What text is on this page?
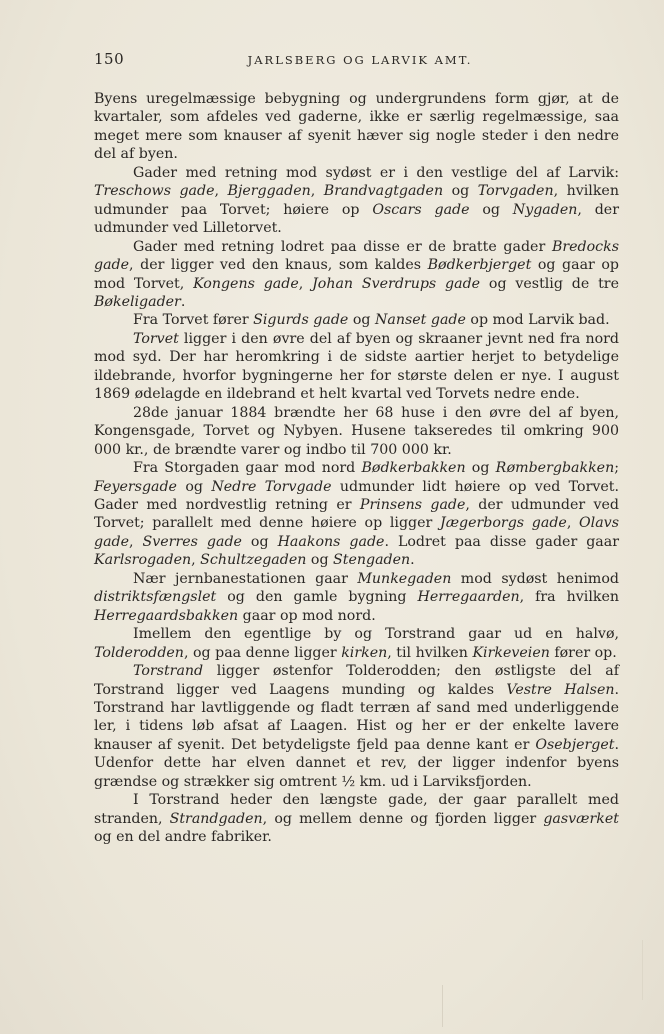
150	JARLSBERG OG LARVIK AMT.

Byens uregelmæssige bebygning og undergrundens form gjør, at de kvartaler, som afdeles ved gaderne, ikke er særlig regelmæssige, saa meget mere som knauser af syenit hæver sig nogle steder i den nedre del af byen.

Gader med retning mod sydøst er i den vestlige del af Larvik: Treschows gade, Bjerggaden, Brandvagtgaden og Torvgaden, hvilken udmunder paa Torvet; høiere op Oscars gade og Nygaden, der udmunder ved Lilletorvet.

Gader med retning lodret paa disse er de bratte gader Bredocks gade, der ligger ved den knaus, som kaldes Bødkerbjerget og gaar op mod Torvet, Kongens gade, Johan Sverdrups gade og vestlig de tre Bøkeligader.

Fra Torvet fører Sigurds gade og Nanset gade op mod Larvik bad.

Torvet ligger i den øvre del af byen og skraaner jevnt ned fra nord mod syd. Der har heromkring i de sidste aartier herjet to betydelige ildebrande, hvorfor bygningerne her for største delen er nye. I august 1869 ødelagde en ildebrand et helt kvartal ved Torvets nedre ende.

28de januar 1884 brændte her 68 huse i den øvre del af byen, Kongensgade, Torvet og Nybyen. Husene takseredes til omkring 900 000 kr., de brændte varer og indbo til 700 000 kr.

Fra Storgaden gaar mod nord Bødkerbakken og Rømbergbakken; Feyersgade og Nedre Torvgade udmunder lidt høiere op ved Torvet. Gader med nordvestlig retning er Prinsens gade, der udmunder ved Torvet; parallelt med denne høiere op ligger Jægerborgs gade, Olavs gade, Sverres gade og Haakons gade. Lodret paa disse gader gaar Karlsrogaden, Schultzegaden og Stengaden.

Nær jernbanestationen gaar Munkegaden mod sydøst henimod distriktsfængslet og den gamle bygning Herregaarden, fra hvilken Herregaardsbakken gaar op mod nord.

Imellem den egentlige by og Torstrand gaar ud en halvø, Tolderodden, og paa denne ligger kirken, til hvilken Kirkeveien fører op.

Torstrand ligger østenfor Tolderodden; den østligste del af Torstrand ligger ved Laagens munding og kaldes Vestre Halsen. Torstrand har lavtliggende og fladt terræn af sand med underliggende ler, i tidens løb afsat af Laagen. Hist og her er der enkelte lavere knauser af syenit. Det betydeligste fjeld paa denne kant er Osebjerget. Udenfor dette har elven dannet et rev, der ligger indenfor byens grændse og strækker sig omtrent ½ km. ud i Larviksfjorden.

I Torstrand heder den længste gade, der gaar parallelt med stranden, Strandgaden, og mellem denne og fjorden ligger gasværket og en del andre fabriker.
